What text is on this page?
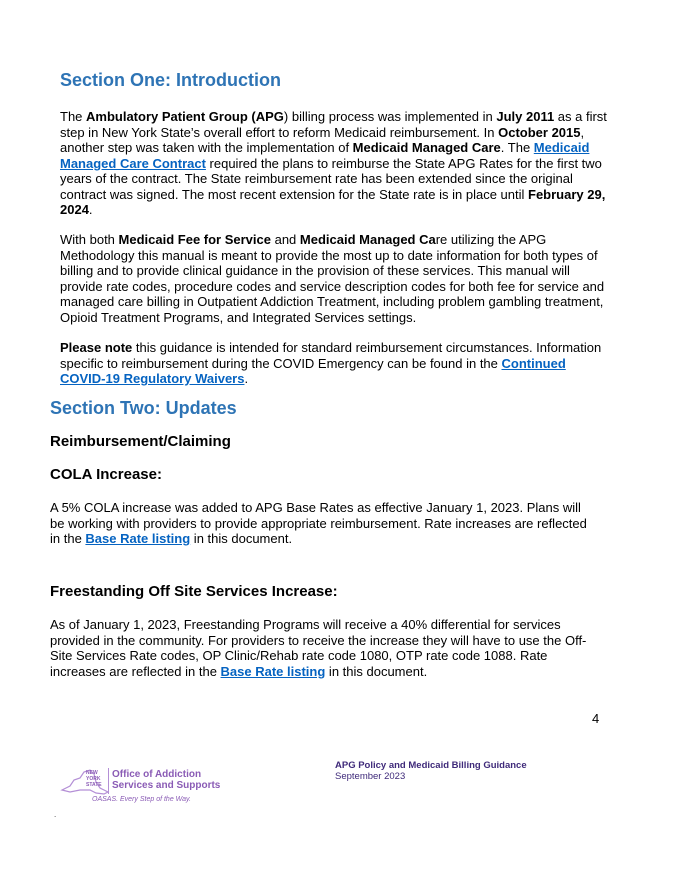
Section One: Introduction

The Ambulatory Patient Group (APG) billing process was implemented in July 2011 as a first step in New York State’s overall effort to reform Medicaid reimbursement. In October 2015, another step was taken with the implementation of Medicaid Managed Care. The Medicaid Managed Care Contract required the plans to reimburse the State APG Rates for the first two years of the contract. The State reimbursement rate has been extended since the original contract was signed. The most recent extension for the State rate is in place until February 29, 2024.

With both Medicaid Fee for Service and Medicaid Managed Care utilizing the APG Methodology this manual is meant to provide the most up to date information for both types of billing and to provide clinical guidance in the provision of these services. This manual will provide rate codes, procedure codes and service description codes for both fee for service and managed care billing in Outpatient Addiction Treatment, including problem gambling treatment, Opioid Treatment Programs, and Integrated Services settings.

Please note this guidance is intended for standard reimbursement circumstances. Information specific to reimbursement during the COVID Emergency can be found in the Continued COVID-19 Regulatory Waivers.

Section Two: Updates
Reimbursement/Claiming
COLA Increase:

A 5% COLA increase was added to APG Base Rates as effective January 1, 2023. Plans will be working with providers to provide appropriate reimbursement. Rate increases are reflected in the Base Rate listing in this document.

Freestanding Off Site Services Increase:

As of January 1, 2023, Freestanding Programs will receive a 40% differential for services provided in the community. For providers to receive the increase they will have to use the Off-Site Services Rate codes, OP Clinic/Rehab rate code 1080, OTP rate code 1088. Rate increases are reflected in the Base Rate listing in this document.

4
NEW YORK STATE
Office of Addiction
Services and Supports
OASAS. Every Step of the Way.
APG Policy and Medicaid Billing Guidance
September 2023
.
